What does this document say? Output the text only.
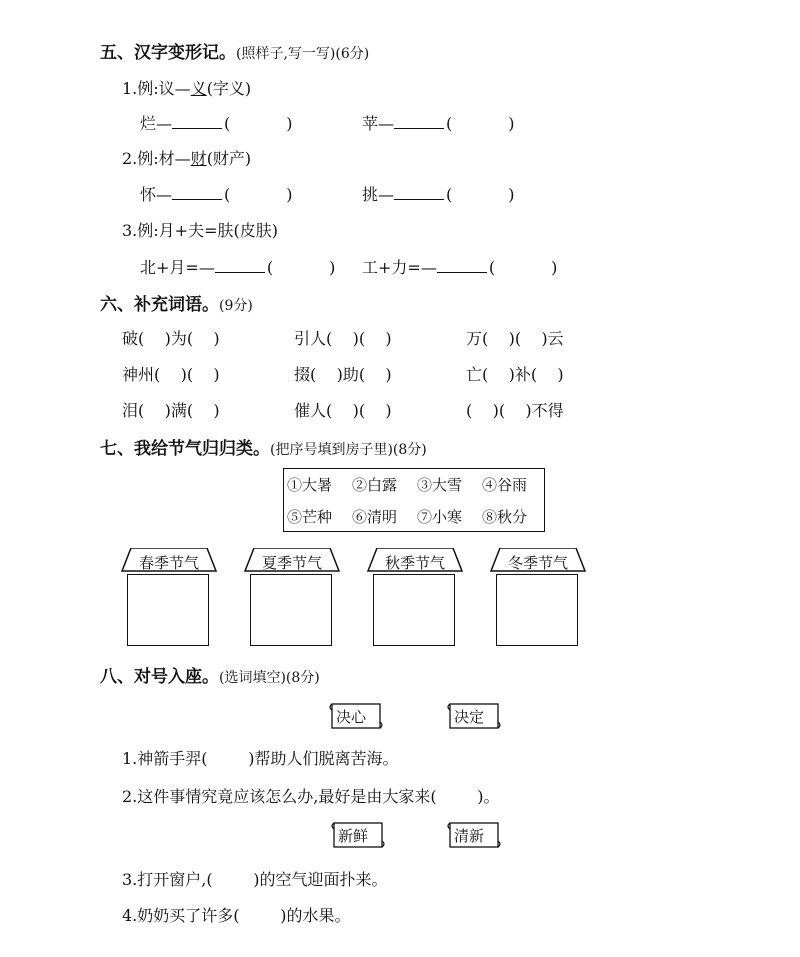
五、汉字变形记。(照样子,写一写)(6分)
1.例:议—义(字义)
烂—	(	)	苹—	(	)
2.例:材—财(财产)
怀—	(	)	挑—	(	)
3.例:月+夫=肤(皮肤)
北+月=—	(	) 工+力=—	(	)
六、补充词语。(9分)
破(    )为(    )	引人(    )(    )	万(    )(    )云
神州(    )(    )	掇(    )助(    )	亡(    )补(    )
泪(    )满(    )	催人(    )(    )	(    )(    )不得
七、我给节气归归类。(把序号填到房子里)(8分)
①大暑 ②白露 ③大雪 ④谷雨
⑤芒种 ⑥清明 ⑦小寒 ⑧秋分
春季节气	夏季节气	秋季节气	冬季节气
八、对号入座。(选词填空)(8分)
决心	决定
1.神箭手羿(        )帮助人们脱离苦海。
2.这件事情究竟应该怎么办,最好是由大家来(        )。
新鲜	清新
3.打开窗户,(        )的空气迎面扑来。
4.奶奶买了许多(        )的水果。
